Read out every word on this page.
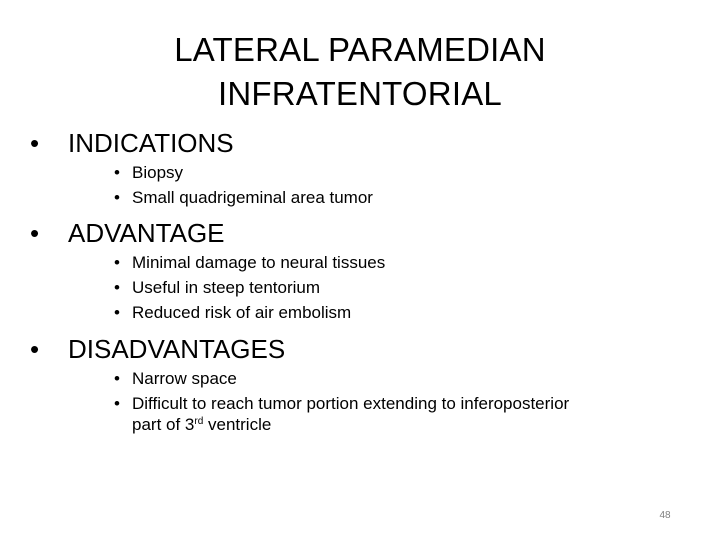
LATERAL PARAMEDIAN
INFRATENTORIAL
• INDICATIONS
• Biopsy
• Small quadrigeminal area tumor
• ADVANTAGE
• Minimal damage to neural tissues
• Useful in steep tentorium
• Reduced risk of air embolism
• DISADVANTAGES
• Narrow space
• Difficult to reach tumor portion extending to inferoposterior
part of 3rd ventricle
48
